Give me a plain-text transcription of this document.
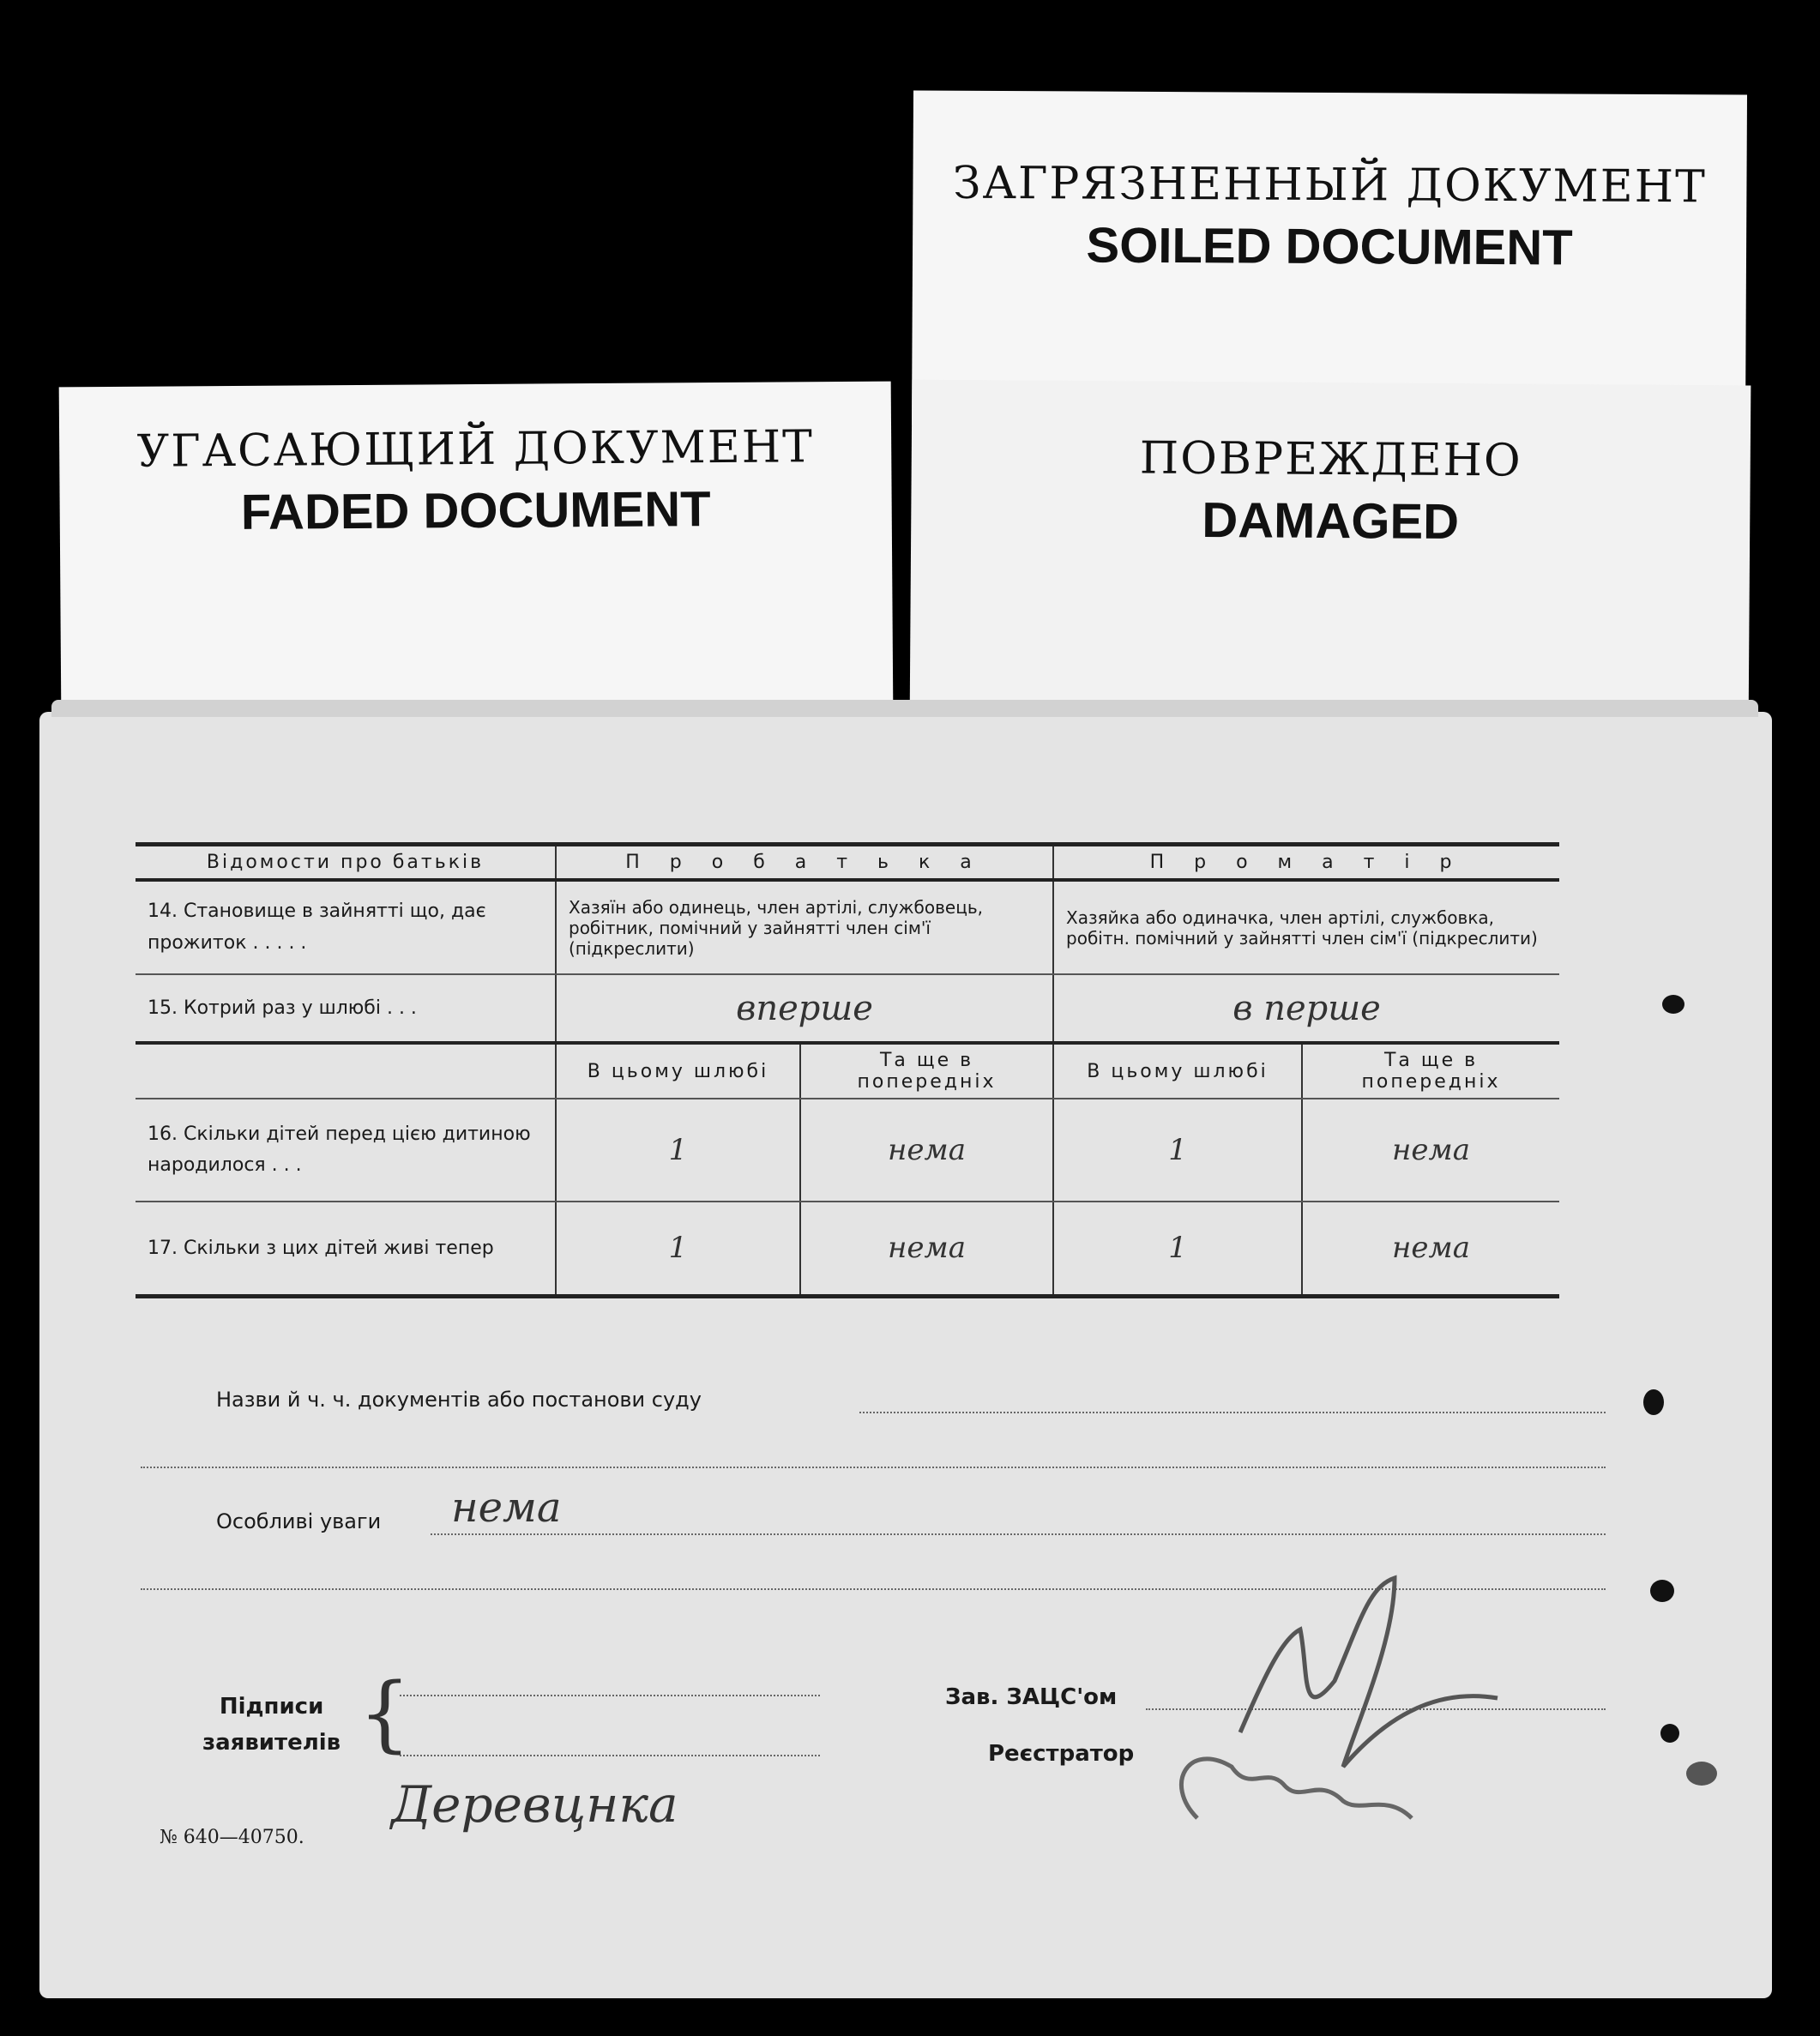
ЗАГРЯЗНЕННЫЙ ДОКУМЕНТ
SOILED DOCUMENT
УГАСАЮЩИЙ ДОКУМЕНТ
FADED DOCUMENT
ПОВРЕЖДЕНО
DAMAGED
Відомости про батьків	П р о б а т ь к а		П р о м а т і р	
14. Становище в зайнятті що, дає прожиток . . . . .	Хазяїн або одинець, член артілі, службовець, робітник, помічний у зайнятті член сім'ї (підкреслити)		Хазяйка або одиначка, член артілі, службовка, робітн. помічний у зайнятті член сім'ї (підкреслити)	
15. Котрий раз у шлюбі . . .	вперше		в перше	
	В цьому шлюбі	Та ще в попередніх	В цьому шлюбі	Та ще в попередніх
16. Скільки дітей перед цією дитиною народилося . . .	1	нема	1	нема
17. Скільки з цих дітей живі тепер	1	нема	1	нема
Назви й ч. ч. документів або постанови суду
Особливі уваги нема
Підписи
заявителів {
Деревцнка
Зав. ЗАЦС'ом
Реєстратор
№ 640—40750.
